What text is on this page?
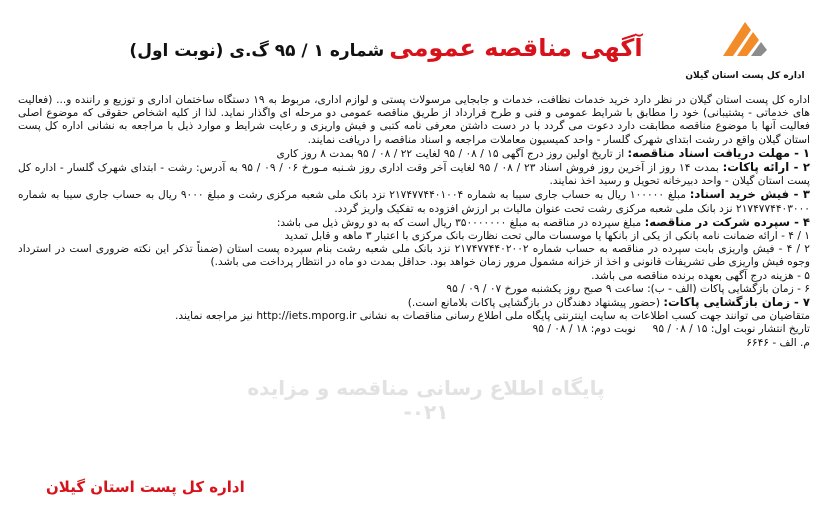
اداره کل پست استان گیلان
آگهی مناقصه عمومی شماره ۱ / ۹۵ گ.ی (نوبت اول)
پایگاه اطلاع رسانی مناقصه و مزایده
۰۲۱-

اداره کل پست استان گیلان در نظر دارد خرید خدمات نظافت، خدمات و جابجایی مرسولات پستی و لوازم اداری، مربوط به ۱۹ دستگاه ساختمان اداری و توزیع و راننده و... (فعالیت های خدماتی - پشتیبانی) خود را مطابق با شرایط عمومی و فنی و طرح قرارداد از طریق مناقصه عمومی دو مرحله ای واگذار نماید. لذا از کلیه اشخاص حقوقی که موضوع اصلی فعالیت آنها با موضوع مناقصه مطابقت دارد دعوت می گردد با در دست داشتن معرفی نامه کتبی و فیش واریزی و رعایت شرایط و موارد ذیل با مراجعه به نشانی اداره کل پست استان گیلان واقع در رشت ابتدای شهرک گلسار - واحد کمیسیون معاملات مراجعه و اسناد مناقصه را دریافت نمایند.

۱ - مهلت دریافت اسناد مناقصه: از تاریخ اولین روز درج آگهی ۱۵ / ۰۸ / ۹۵ لغایت ۲۲ / ۰۸ / ۹۵ بمدت ۸ روز کاری

۲ - ارائه پاکات: بمدت ۱۴ روز از آخرین روز فروش اسناد ۲۳ / ۰۸ / ۹۵ لغایت آخر وقت اداری روز شـنبه مـورخ ۰۶ / ۰۹ / ۹۵ به آدرس: رشت - ابتدای شهرک گلسار - اداره کل پست استان گیلان - واحد دبیرخانه تحویل و رسید اخذ نمایند.

۳ - فیش خرید اسناد: مبلغ ۱۰۰۰۰۰ ریال به حساب جاری سیبا به شماره ۲۱۷۴۷۷۴۴۰۱۰۰۴ نزد بانک ملی شعبه مرکزی رشت و مبلغ ۹۰۰۰ ریال به حساب جاری سیبا به شماره ۲۱۷۴۷۷۴۴۰۳۰۰۰ نزد بانک ملی شعبه مرکزی رشت تحت عنوان مالیات بر ارزش افزوده به تفکیک واریز گردد.

۴ - سپرده شرکت در مناقصه: مبلغ سپرده در مناقصه به مبلغ ۳۵۰۰۰۰۰۰۰ ریال است که به دو روش ذیل می باشد:

۱ / ۴ - ارائه ضمانت نامه بانکی از یکی از بانکها یا موسسات مالی تحت نظارت بانک مرکزی با اعتبار ۳ ماهه و قابل تمدید

۲ / ۴ - فیش واریزی بابت سپرده در مناقصه به حساب شماره ۲۱۷۴۷۷۴۴۰۲۰۰۲ نزد بانک ملی شعبه رشت بنام سپرده پست استان (ضمناً تذکر این نکته ضروری است در استرداد وجوه فیش واریزی طی تشریفات قانونی و اخذ از خزانه مشمول مرور زمان خواهد بود. حداقل بمدت دو ماه در انتظار پرداخت می باشد.)

۵ - هزینه درج آگهی بعهده برنده مناقصه می باشد.

۶ - زمان بازگشایی پاکات (الف - ب): ساعت ۹ صبح روز یکشنبه مورخ ۰۷ / ۰۹ / ۹۵

۷ - زمان بازگشایی پاکات: (حضور پیشنهاد دهندگان در بازگشایی پاکات بلامانع است.)

متقاضیان می توانند جهت کسب اطلاعات به سایت اینترنتی پایگاه ملی اطلاع رسانی مناقصات به نشانی http://iets.mporg.ir نیز مراجعه نمایند.

تاریخ انتشار نوبت اول: ۱۵ / ۰۸ / ۹۵     نوبت دوم: ۱۸ / ۰۸ / ۹۵

م. الف - ۶۶۴۶

اداره کل پست استان گیلان
